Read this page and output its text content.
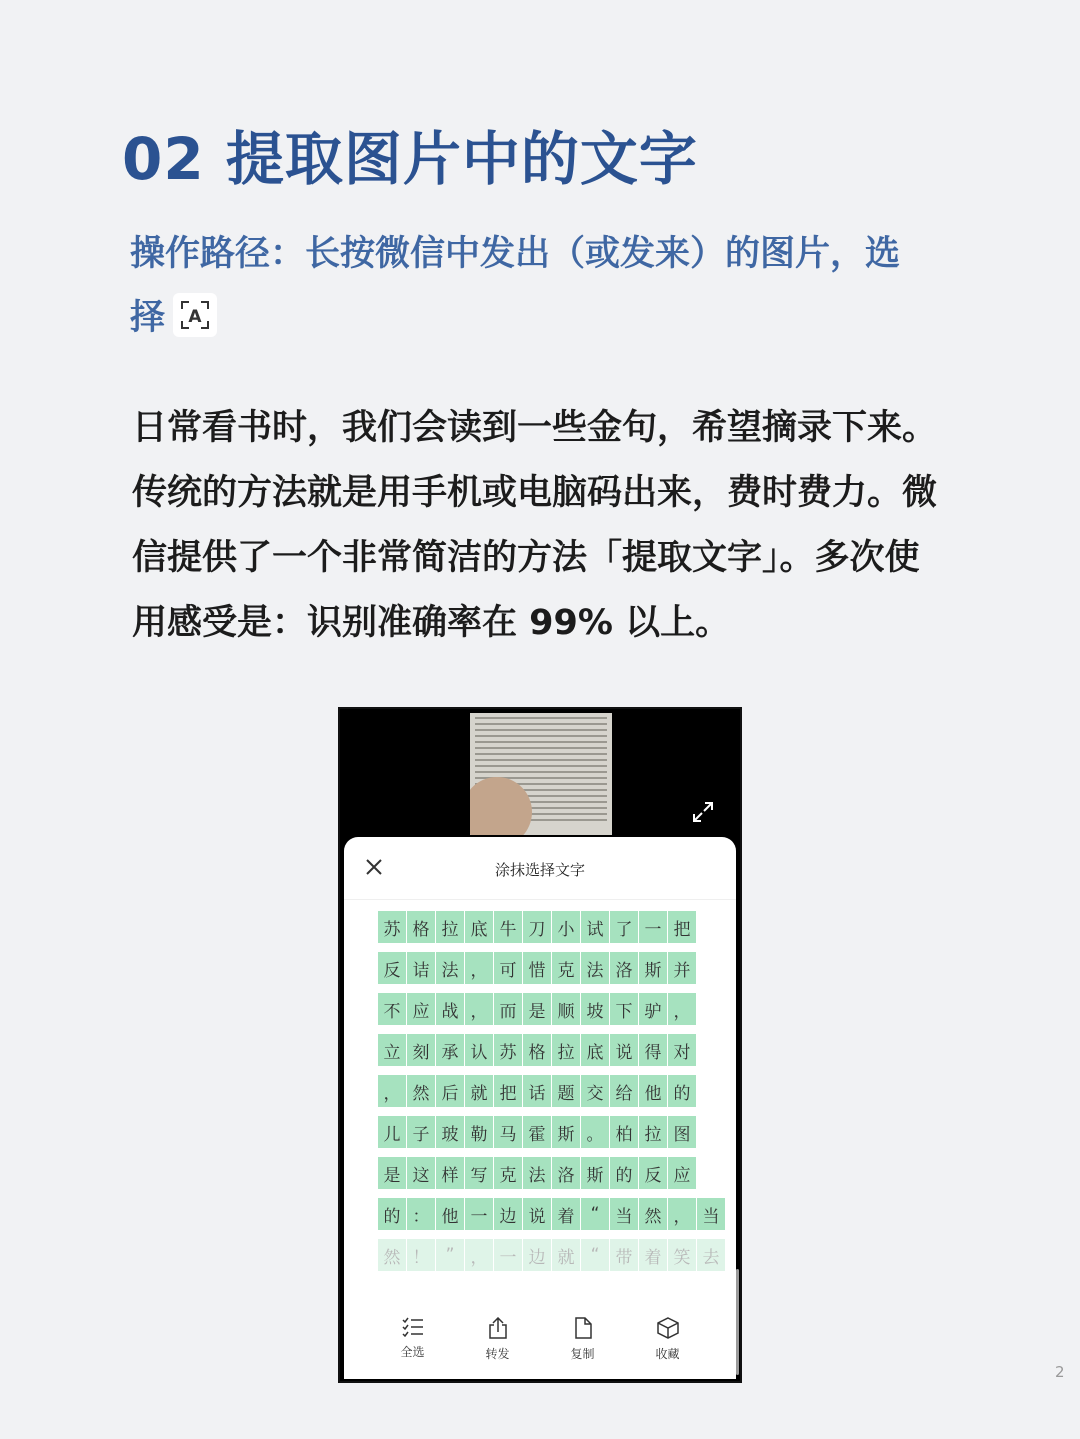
02 提取图片中的文字

操作路径：长按微信中发出（或发来）的图片，选择 A

日常看书时，我们会读到一些金句，希望摘录下来。传统的方法就是用手机或电脑码出来，费时费力。微信提供了一个非常简洁的方法「提取文字」。多次使用感受是：识别准确率在 99% 以上。

涂抹选择文字
苏 格 拉 底 牛 刀 小 试 了 一 把
反 诘 法 ， 可 惜 克 法 洛 斯 并
不 应 战 ， 而 是 顺 坡 下 驴 ，
立 刻 承 认 苏 格 拉 底 说 得 对
， 然 后 就 把 话 题 交 给 他 的
儿 子 玻 勒 马 霍 斯 。 柏 拉 图
是 这 样 写 克 法 洛 斯 的 反 应
的 ： 他 一 边 说 着 “ 当 然 ， 当
然 ！ ” ， 一 边 就 “ 带 着 笑 去
全选	转发	复制	收藏
2
